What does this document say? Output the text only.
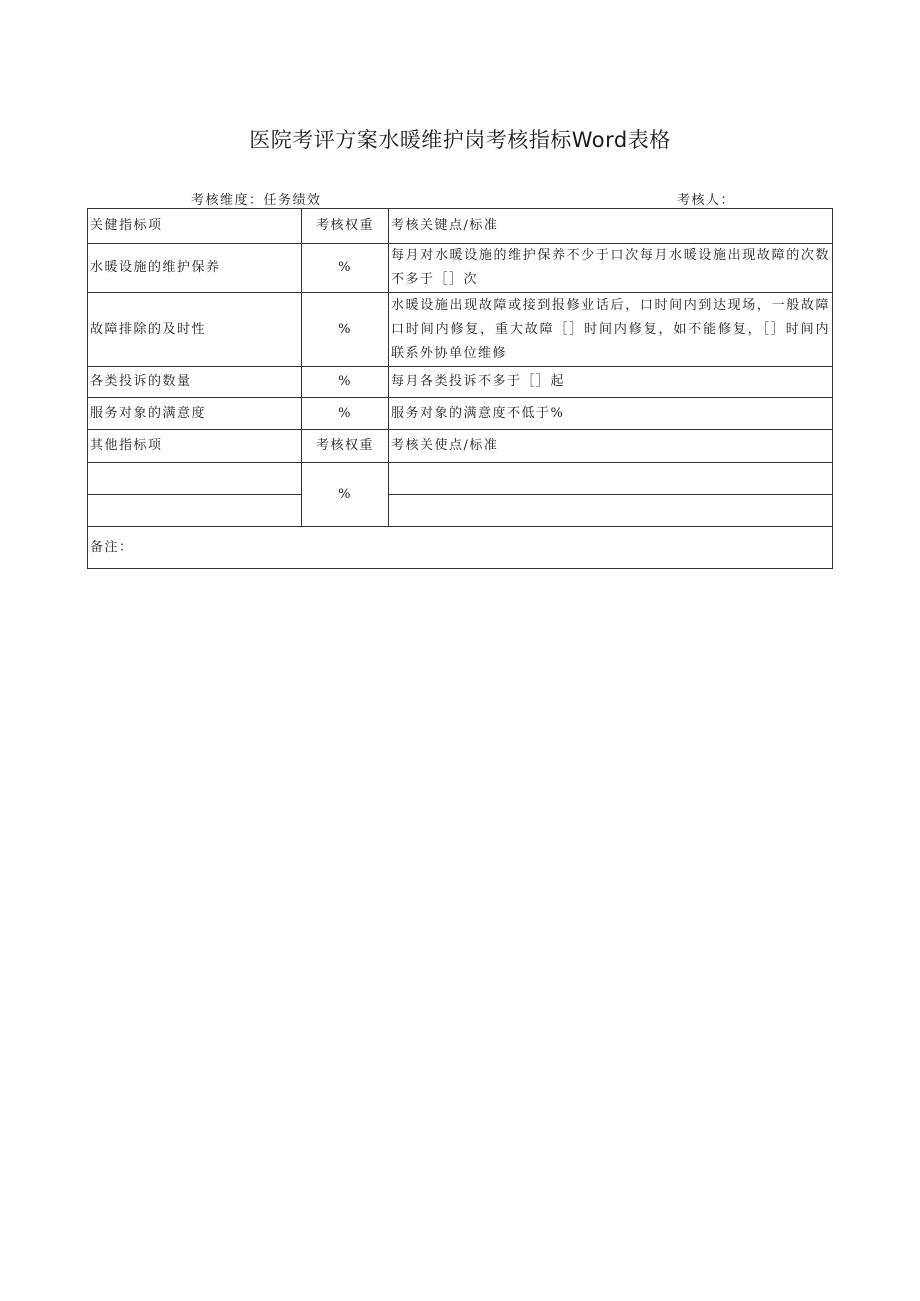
医院考评方案水暖维护岗考核指标Word表格
考核维度：任务绩效	考核人：
关健指标项	考核权重	考核关键点/标准
水暖设施的维护保养	%	每月对水暖设施的维护保养不少于口次每月水暖设施出现故障的次数不多于［］次
故障排除的及时性	%	水暖设施出现故障或接到报修业话后，口时间内到达现场，一般故障口时间内修复，重大故障［］时间内修复，如不能修复，［］时间内联系外协单位维修
各类投诉的数量	%	每月各类投诉不多于［］起
服务对象的满意度	%	服务对象的满意度不低于%
其他指标项	考核权重	考核关使点/标准
	%	

备注：		
